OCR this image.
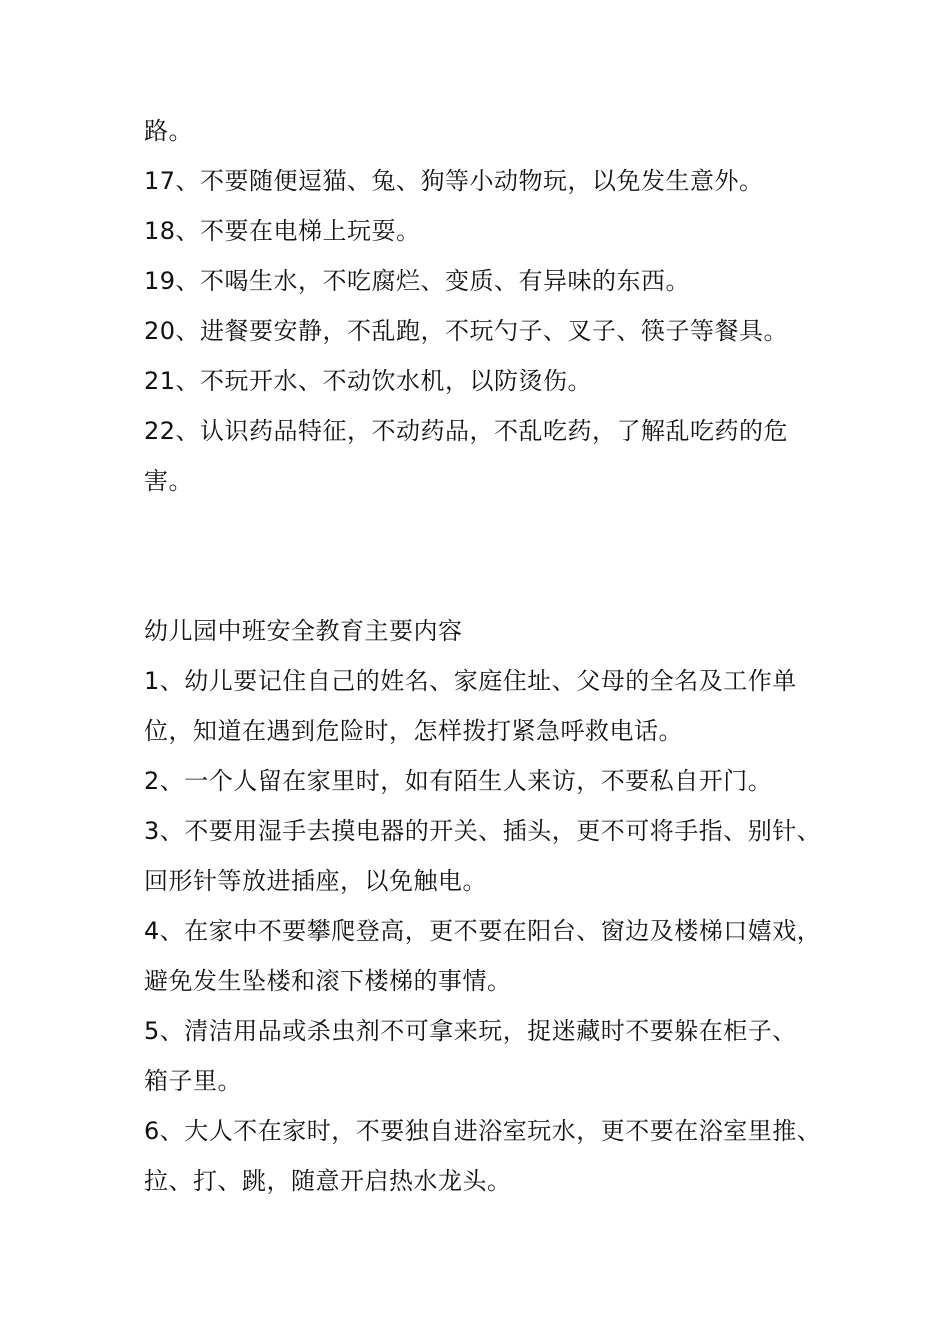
路。
17、不要随便逗猫、兔、狗等小动物玩，以免发生意外。
18、不要在电梯上玩耍。
19、不喝生水，不吃腐烂、变质、有异味的东西。
20、进餐要安静，不乱跑，不玩勺子、叉子、筷子等餐具。
21、不玩开水、不动饮水机，以防烫伤。
22、认识药品特征，不动药品，不乱吃药，了解乱吃药的危
害。
幼儿园中班安全教育主要内容
1、幼儿要记住自己的姓名、家庭住址、父母的全名及工作单
位，知道在遇到危险时，怎样拨打紧急呼救电话。
2、一个人留在家里时，如有陌生人来访，不要私自开门。
3、不要用湿手去摸电器的开关、插头，更不可将手指、别针、
回形针等放进插座，以免触电。
4、在家中不要攀爬登高，更不要在阳台、窗边及楼梯口嬉戏，
避免发生坠楼和滚下楼梯的事情。
5、清洁用品或杀虫剂不可拿来玩，捉迷藏时不要躲在柜子、
箱子里。
6、大人不在家时，不要独自进浴室玩水，更不要在浴室里推、
拉、打、跳，随意开启热水龙头。
